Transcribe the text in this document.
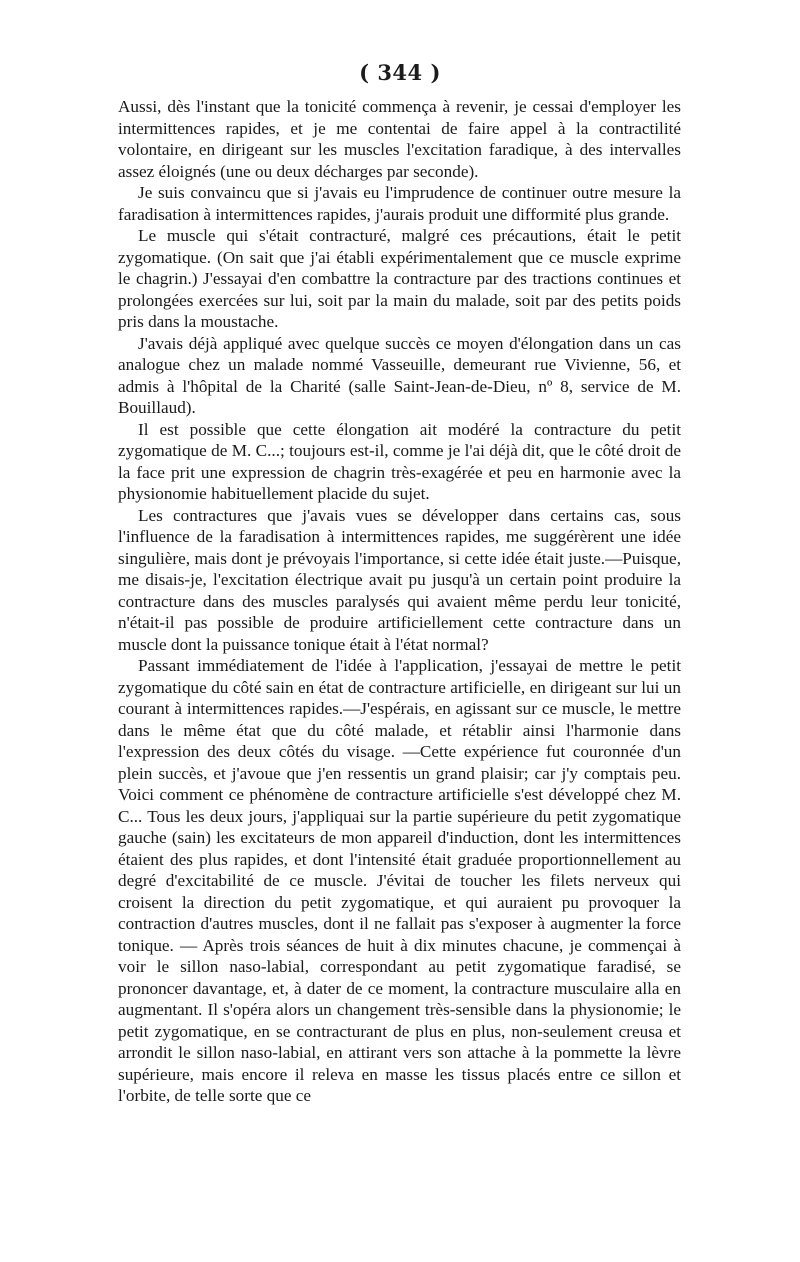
( 344 )

Aussi, dès l'instant que la tonicité commença à revenir, je cessai d'employer les intermittences rapides, et je me contentai de faire appel à la contractilité volontaire, en dirigeant sur les muscles l'excitation faradique, à des intervalles assez éloignés (une ou deux décharges par seconde).

Je suis convaincu que si j'avais eu l'imprudence de continuer outre mesure la faradisation à intermittences rapides, j'aurais produit une difformité plus grande.

Le muscle qui s'était contracturé, malgré ces précautions, était le petit zygomatique. (On sait que j'ai établi expérimentalement que ce muscle exprime le chagrin.) J'essayai d'en combattre la contracture par des tractions continues et prolongées exercées sur lui, soit par la main du malade, soit par des petits poids pris dans la moustache.

J'avais déjà appliqué avec quelque succès ce moyen d'élongation dans un cas analogue chez un malade nommé Vasseuille, demeurant rue Vivienne, 56, et admis à l'hôpital de la Charité (salle Saint-Jean-de-Dieu, nº 8, service de M. Bouillaud).

Il est possible que cette élongation ait modéré la contracture du petit zygomatique de M. C...; toujours est-il, comme je l'ai déjà dit, que le côté droit de la face prit une expression de chagrin très-exagérée et peu en harmonie avec la physionomie habituellement placide du sujet.

Les contractures que j'avais vues se développer dans certains cas, sous l'influence de la faradisation à intermittences rapides, me suggérèrent une idée singulière, mais dont je prévoyais l'importance, si cette idée était juste.—Puisque, me disais-je, l'excitation électrique avait pu jusqu'à un certain point produire la contracture dans des muscles paralysés qui avaient même perdu leur tonicité, n'était-il pas possible de produire artificiellement cette contracture dans un muscle dont la puissance tonique était à l'état normal?

Passant immédiatement de l'idée à l'application, j'essayai de mettre le petit zygomatique du côté sain en état de contracture artificielle, en dirigeant sur lui un courant à intermittences rapides.—J'espérais, en agissant sur ce muscle, le mettre dans le même état que du côté malade, et rétablir ainsi l'harmonie dans l'expression des deux côtés du visage. —Cette expérience fut couronnée d'un plein succès, et j'avoue que j'en ressentis un grand plaisir; car j'y comptais peu. Voici comment ce phénomène de contracture artificielle s'est développé chez M. C... Tous les deux jours, j'appliquai sur la partie supérieure du petit zygomatique gauche (sain) les excitateurs de mon appareil d'induction, dont les intermittences étaient des plus rapides, et dont l'intensité était graduée proportionnellement au degré d'excitabilité de ce muscle. J'évitai de toucher les filets nerveux qui croisent la direction du petit zygomatique, et qui auraient pu provoquer la contraction d'autres muscles, dont il ne fallait pas s'exposer à augmenter la force tonique. — Après trois séances de huit à dix minutes chacune, je commençai à voir le sillon naso-labial, correspondant au petit zygomatique faradisé, se prononcer davantage, et, à dater de ce moment, la contracture musculaire alla en augmentant. Il s'opéra alors un changement très-sensible dans la physionomie; le petit zygomatique, en se contracturant de plus en plus, non-seulement creusa et arrondit le sillon naso-labial, en attirant vers son attache à la pommette la lèvre supérieure, mais encore il releva en masse les tissus placés entre ce sillon et l'orbite, de telle sorte que ce
